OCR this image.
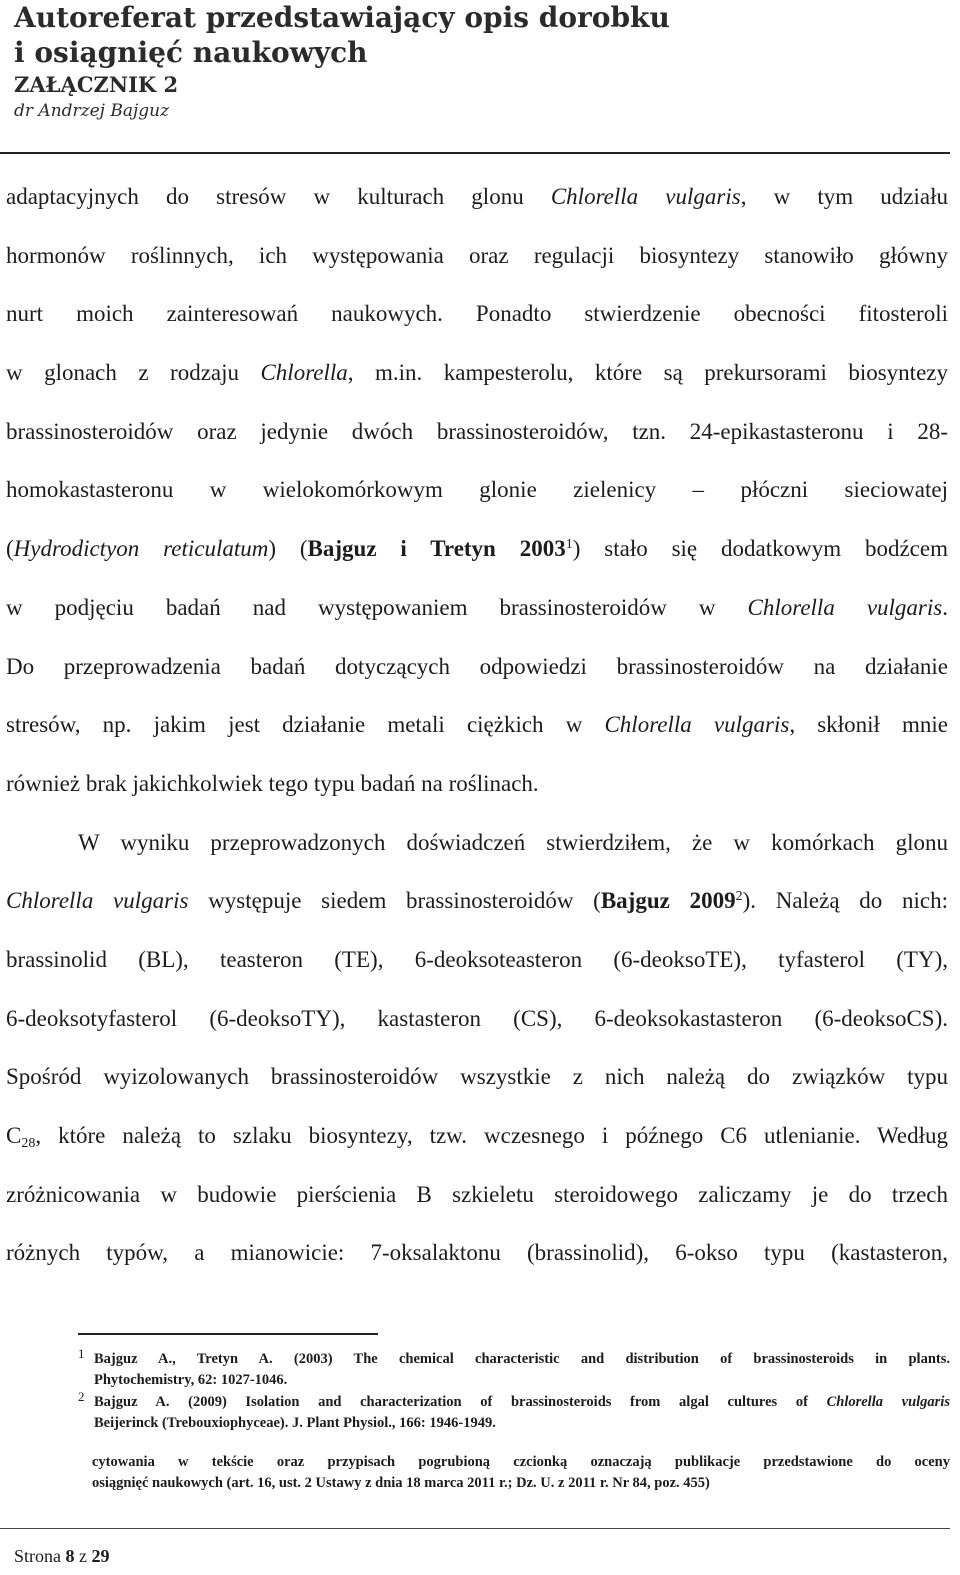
Autoreferat przedstawiający opis dorobku
i osiągnięć naukowych
ZAŁĄCZNIK 2
dr Andrzej Bajguz
adaptacyjnych do stresów w kulturach glonu Chlorella vulgaris, w tym udziału
hormonów roślinnych, ich występowania oraz regulacji biosyntezy stanowiło główny
nurt moich zainteresowań naukowych. Ponadto stwierdzenie obecności fitosteroli
w glonach z rodzaju Chlorella, m.in. kampesterolu, które są prekursorami biosyntezy
brassinosteroidów oraz jedynie dwóch brassinosteroidów, tzn. 24-epikastasteronu i 28-
homokastasteronu w wielokomórkowym glonie zielenicy – płóczni sieciowatej
(Hydrodictyon reticulatum) (Bajguz i Tretyn 2003$^1$) stało się dodatkowym bodźcem
w podjęciu badań nad występowaniem brassinosteroidów w Chlorella vulgaris.
Do przeprowadzenia badań dotyczących odpowiedzi brassinosteroidów na działanie
stresów, np. jakim jest działanie metali ciężkich w Chlorella vulgaris, skłonił mnie
również brak jakichkolwiek tego typu badań na roślinach.
W wyniku przeprowadzonych doświadczeń stwierdziłem, że w komórkach glonu
Chlorella vulgaris występuje siedem brassinosteroidów (Bajguz 2009$^2$). Należą do nich:
brassinolid (BL), teasteron (TE), 6-deoksoteasteron (6-deoksoTE), tyfasterol (TY),
6-deoksotyfasterol (6-deoksoTY), kastasteron (CS), 6-deoksokastasteron (6-deoksoCS).
Spośród wyizolowanych brassinosteroidów wszystkie z nich należą do związków typu
$C_{28}$, które należą to szlaku biosyntezy, tzw. wczesnego i późnego C6 utlenianie. Według
zróżnicowania w budowie pierścienia B szkieletu steroidowego zaliczamy je do trzech
różnych typów, a mianowicie: 7-oksalaktonu (brassinolid), 6-okso typu (kastasteron,
1 Bajguz A., Tretyn A. (2003) The chemical characteristic and distribution of brassinosteroids in plants.
Phytochemistry, 62: 1027-1046.
2 Bajguz A. (2009) Isolation and characterization of brassinosteroids from algal cultures of Chlorella vulgaris
Beijerinck (Trebouxiophyceae). J. Plant Physiol., 166: 1946-1949.
cytowania w tekście oraz przypisach pogrubioną czcionką oznaczają publikacje przedstawione do oceny
osiągnięć naukowych (art. 16, ust. 2 Ustawy z dnia 18 marca 2011 r.; Dz. U. z 2011 r. Nr 84, poz. 455)
Strona 8 z 29
